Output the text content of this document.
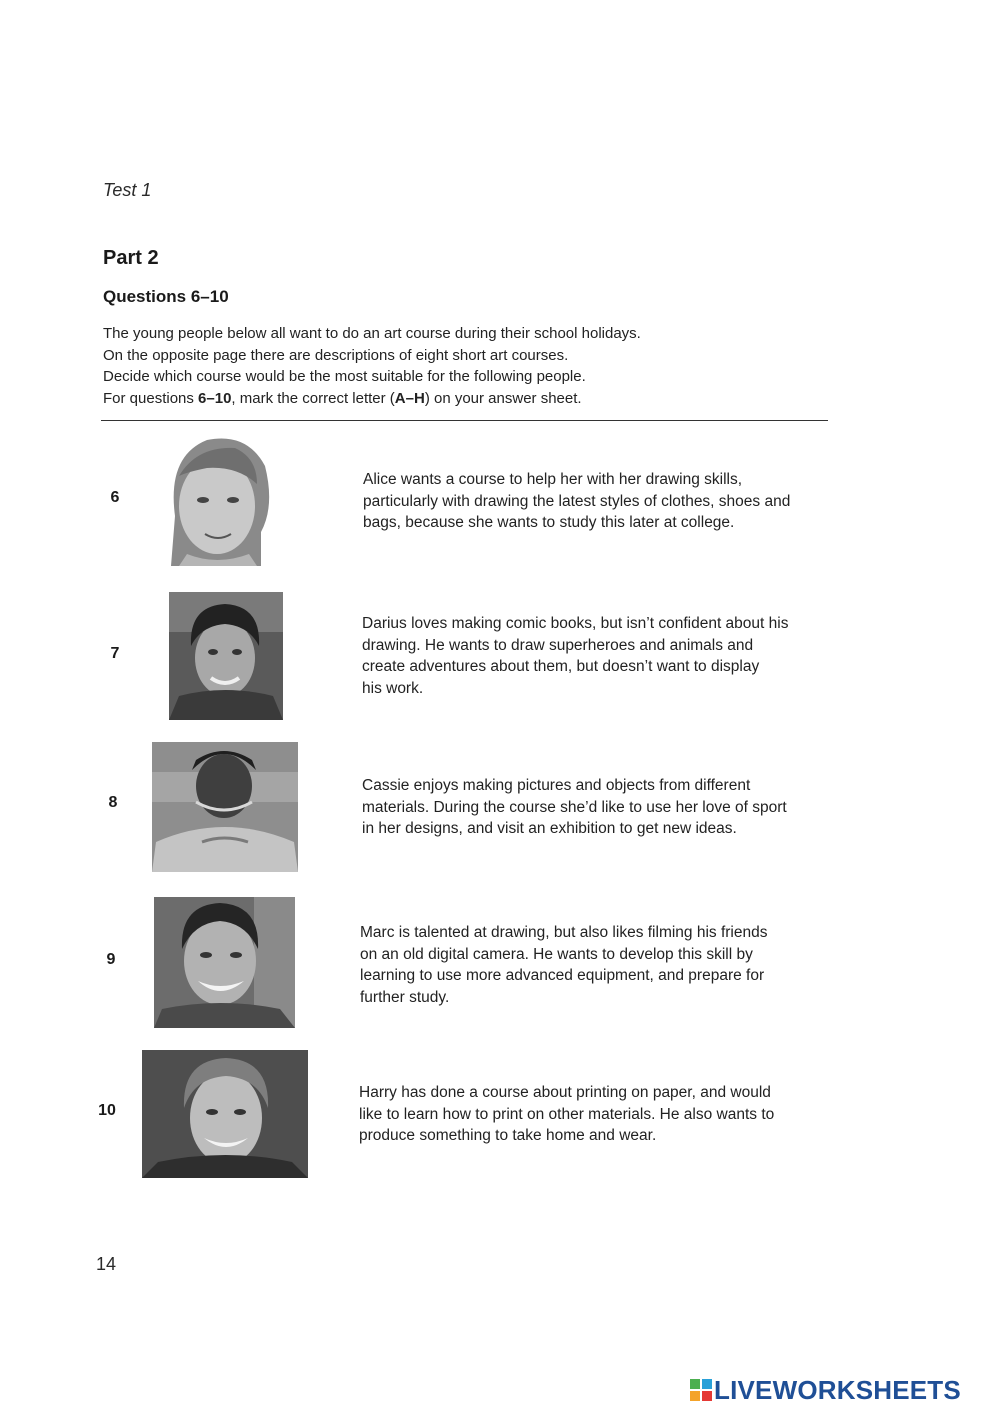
Test 1
Part 2
Questions 6–10

The young people below all want to do an art course during their school holidays.

On the opposite page there are descriptions of eight short art courses.

Decide which course would be the most suitable for the following people.

For questions 6–10, mark the correct letter (A–H) on your answer sheet.

6

Alice wants a course to help her with her drawing skills,

particularly with drawing the latest styles of clothes, shoes and

bags, because she wants to study this later at college.

7

Darius loves making comic books, but isn’t confident about his

drawing. He wants to draw superheroes and animals and

create adventures about them, but doesn’t want to display

his work.

8

Cassie enjoys making pictures and objects from different

materials. During the course she’d like to use her love of sport

in her designs, and visit an exhibition to get new ideas.

9

Marc is talented at drawing, but also likes filming his friends

on an old digital camera. He wants to develop this skill by

learning to use more advanced equipment, and prepare for

further study.

10

Harry has done a course about printing on paper, and would

like to learn how to print on other materials. He also wants to

produce something to take home and wear.

14
LIVEWORKSHEETS
